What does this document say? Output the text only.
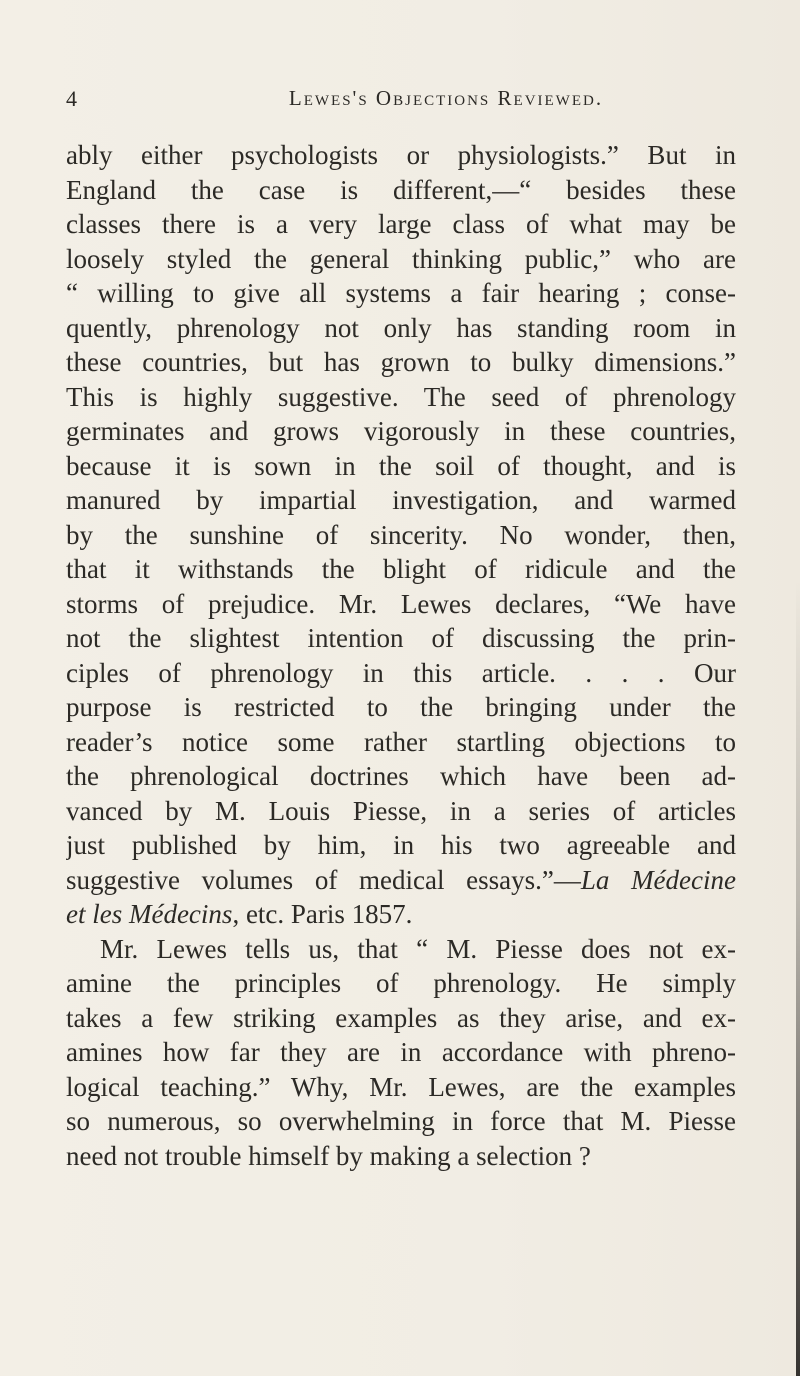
4	Lewes's Objections Reviewed.
ably either psychologists or physiologists.” But in
England the case is different,—“ besides these
classes there is a very large class of what may be
loosely styled the general thinking public,” who are
“ willing to give all systems a fair hearing ; conse-
quently, phrenology not only has standing room in
these countries, but has grown to bulky dimensions.”
This is highly suggestive. The seed of phrenology
germinates and grows vigorously in these countries,
because it is sown in the soil of thought, and is
manured by impartial investigation, and warmed
by the sunshine of sincerity. No wonder, then,
that it withstands the blight of ridicule and the
storms of prejudice. Mr. Lewes declares, “We have
not the slightest intention of discussing the prin-
ciples of phrenology in this article. . . . Our
purpose is restricted to the bringing under the
reader’s notice some rather startling objections to
the phrenological doctrines which have been ad-
vanced by M. Louis Piesse, in a series of articles
just published by him, in his two agreeable and
suggestive volumes of medical essays.”—La Médecine
et les Médecins, etc. Paris 1857.
Mr. Lewes tells us, that “ M. Piesse does not ex-
amine the principles of phrenology. He simply
takes a few striking examples as they arise, and ex-
amines how far they are in accordance with phreno-
logical teaching.” Why, Mr. Lewes, are the examples
so numerous, so overwhelming in force that M. Piesse
need not trouble himself by making a selection ?
